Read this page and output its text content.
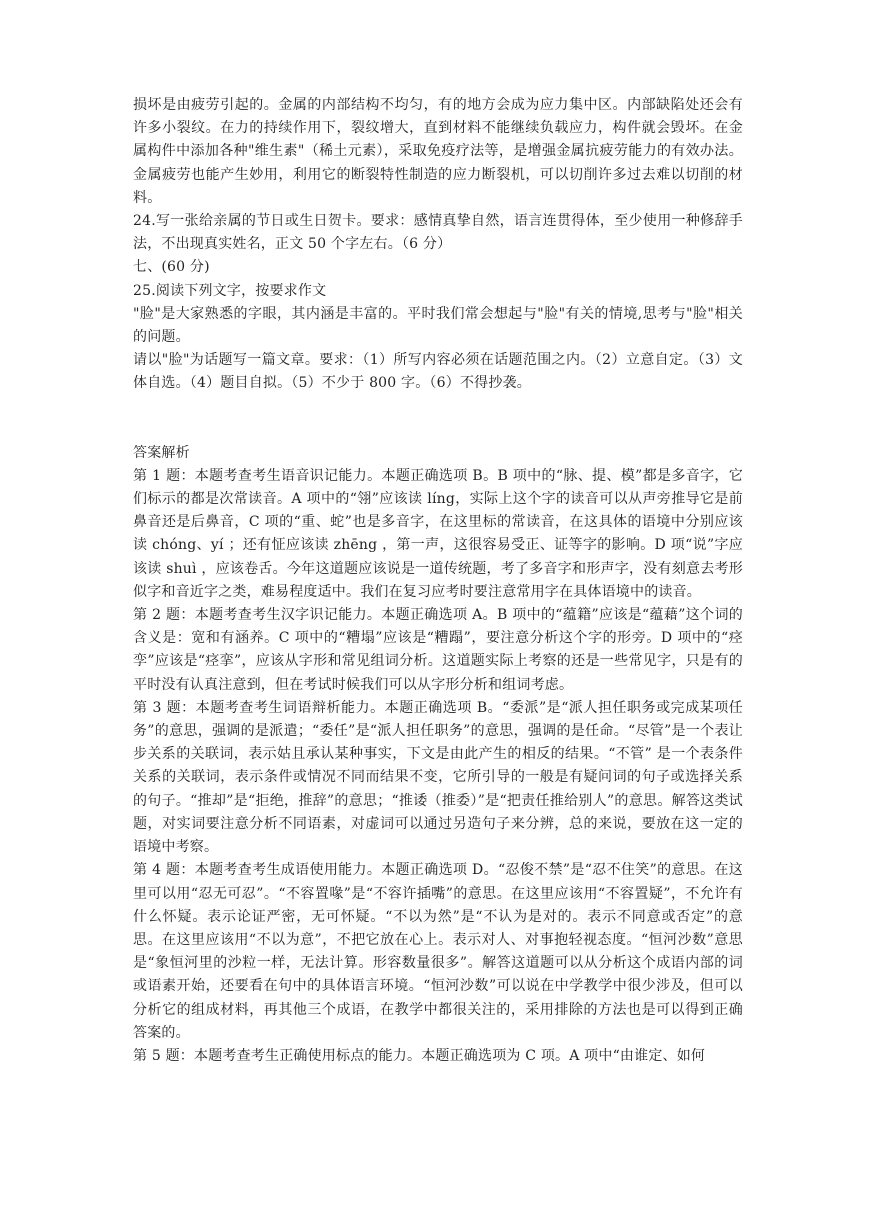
损坏是由疲劳引起的。金属的内部结构不均匀，有的地方会成为应力集中区。内部缺陷处还会有许多小裂纹。在力的持续作用下，裂纹增大，直到材料不能继续负载应力，构件就会毁坏。在金属构件中添加各种"维生素"（稀土元素），采取免疫疗法等，是增强金属抗疲劳能力的有效办法。金属疲劳也能产生妙用，利用它的断裂特性制造的应力断裂机，可以切削许多过去难以切削的材料。

24.写一张给亲属的节日或生日贺卡。要求：感情真挚自然，语言连贯得体，至少使用一种修辞手法，不出现真实姓名，正文 50 个字左右。（6 分）

七、(60 分)

25.阅读下列文字，按要求作文

"脸"是大家熟悉的字眼，其内涵是丰富的。平时我们常会想起与"脸"有关的情境,思考与"脸"相关的问题。

请以"脸"为话题写一篇文章。要求：（1）所写内容必须在话题范围之内。（2）立意自定。（3）文体自选。（4）题目自拟。（5）不少于 800 字。（6）不得抄袭。

答案解析

第 1 题：本题考查考生语音识记能力。本题正确选项 B。B 项中的“脉、提、模”都是多音字，它们标示的都是次常读音。A 项中的“翎”应该读 líng，实际上这个字的读音可以从声旁推导它是前鼻音还是后鼻音，C 项的“重、蛇”也是多音字，在这里标的常读音，在这具体的语境中分别应该读 chóng、yí ；还有怔应该读 zhēng ，第一声，这很容易受正、证等字的影响。D 项“说”字应该读 shuì ，应该卷舌。今年这道题应该说是一道传统题，考了多音字和形声字，没有刻意去考形似字和音近字之类，难易程度适中。我们在复习应考时要注意常用字在具体语境中的读音。

第 2 题：本题考查考生汉字识记能力。本题正确选项 A。B 项中的“蕴籍”应该是“蕴藉”这个词的含义是：宽和有涵养。C 项中的“糟塌”应该是“糟蹋”，要注意分析这个字的形旁。D 项中的“痉孪”应该是“痉挛”，应该从字形和常见组词分析。这道题实际上考察的还是一些常见字，只是有的平时没有认真注意到，但在考试时候我们可以从字形分析和组词考虑。

第 3 题：本题考查考生词语辩析能力。本题正确选项 B。“委派”是“派人担任职务或完成某项任务”的意思，强调的是派遣；“委任”是“派人担任职务”的意思，强调的是任命。“尽管”是一个表让步关系的关联词，表示姑且承认某种事实，下文是由此产生的相反的结果。“不管” 是一个表条件关系的关联词，表示条件或情况不同而结果不变，它所引导的一般是有疑问词的句子或选择关系的句子。“推却”是“拒绝，推辞”的意思；“推诿（推委）”是“把责任推给别人”的意思。解答这类试题，对实词要注意分析不同语素，对虚词可以通过另造句子来分辨，总的来说，要放在这一定的语境中考察。

第 4 题：本题考查考生成语使用能力。本题正确选项 D。“忍俊不禁”是“忍不住笑”的意思。在这里可以用“忍无可忍”。“不容置喙”是“不容许插嘴”的意思。在这里应该用“不容置疑”，不允许有什么怀疑。表示论证严密，无可怀疑。“不以为然”是“不认为是对的。表示不同意或否定”的意思。在这里应该用“不以为意”，不把它放在心上。表示对人、对事抱轻视态度。“恒河沙数”意思是“象恒河里的沙粒一样，无法计算。形容数量很多”。解答这道题可以从分析这个成语内部的词或语素开始，还要看在句中的具体语言环境。“恒河沙数”可以说在中学教学中很少涉及，但可以分析它的组成材料，再其他三个成语，在教学中都很关注的，采用排除的方法也是可以得到正确答案的。

第 5 题：本题考查考生正确使用标点的能力。本题正确选项为 C 项。A 项中“由谁定、如何
